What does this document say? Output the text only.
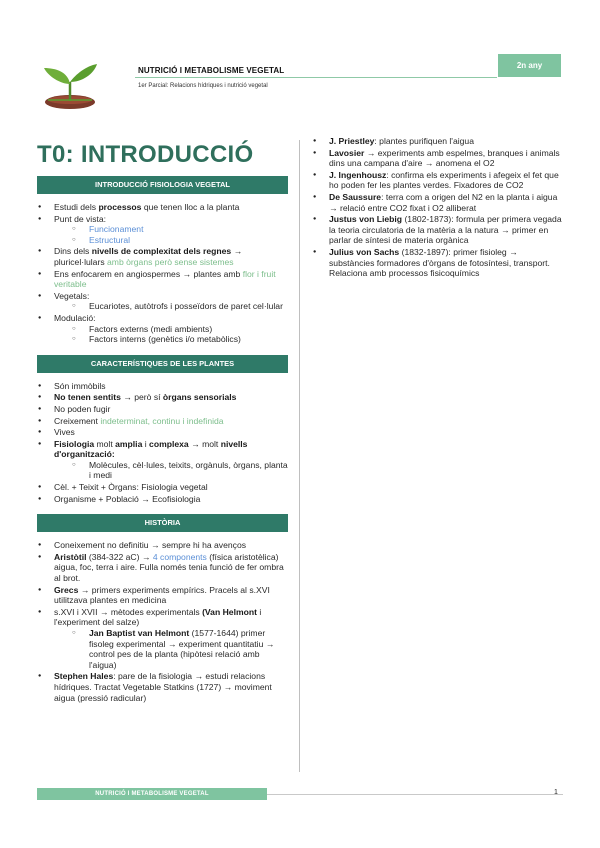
NUTRICIÓ I METABOLISME VEGETAL
1er Parcial: Relacions hídriques i nutrició vegetal
2n any
T0: INTRODUCCIÓ
INTRODUCCIÓ FISIOLOGIA VEGETAL
● Estudi dels processos que tenen lloc a la planta
● Punt de vista:
○ Funcionament
○ Estructural
● Dins dels nivells de complexitat dels regnes → pluricel·lulars amb òrgans però sense sistemes
● Ens enfocarem en angiospermes → plantes amb flor i fruit veritable
● Vegetals:
○ Eucariotes, autòtrofs i posseïdors de paret cel·lular
● Modulació:
○ Factors externs (medi ambients)
○ Factors interns (genètics i/o metabòlics)
CARACTERÍSTIQUES DE LES PLANTES
● Són immòbils
● No tenen sentits → però sí òrgans sensorials
● No poden fugir
● Creixement indeterminat, continu i indefinida
● Vives
● Fisiologia molt amplia i complexa → molt nivells d'organització:
○ Molècules, cèl·lules, teixits, orgànuls, òrgans, planta i medi
● Cèl. + Teixit + Òrgans: Fisiologia vegetal
● Organisme + Població → Ecofisiologia
HISTÒRIA
● Coneixement no definitiu → sempre hi ha avenços
● Aristòtil (384-322 aC) → 4 components (física aristotèlica) aigua, foc, terra i aire. Fulla només tenia funció de fer ombra al brot.
● Grecs → primers experiments empírics. Pracels al s.XVI utilitzava plantes en medicina
● s.XVI i XVII → mètodes experimentals (Van Helmont i l'experiment del salze)
○ Jan Baptist van Helmont (1577-1644) primer fisoleg experimental → experiment quantitatiu → control pes de la planta (hipòtesi relació amb l'aigua)
● Stephen Hales: pare de la fisiologia → estudi relacions hídriques. Tractat Vegetable Statkins (1727) → moviment aigua (pressió radicular)
● J. Priestley: plantes purifiquen l'aigua
● Lavosier → experiments amb espelmes, branques i animals dins una campana d'aire → anomena el O2
● J. Ingenhousz: confirma els experiments i afegeix el fet que ho poden fer les plantes verdes. Fixadores de CO2
● De Saussure: terra com a origen del N2 en la planta i aigua → relació entre CO2 fixat i O2 alliberat
● Justus von Liebig (1802-1873): formula per primera vegada la teoria circulatoria de la matèria a la natura → primer en parlar de síntesi de materia orgànica
● Julius von Sachs (1832-1897): primer fisioleg → substàncies formadores d'òrgans de fotosíntesi, transport. Relaciona amb processos fisicoquímics
NUTRICIÓ I METABOLISME VEGETAL	1
